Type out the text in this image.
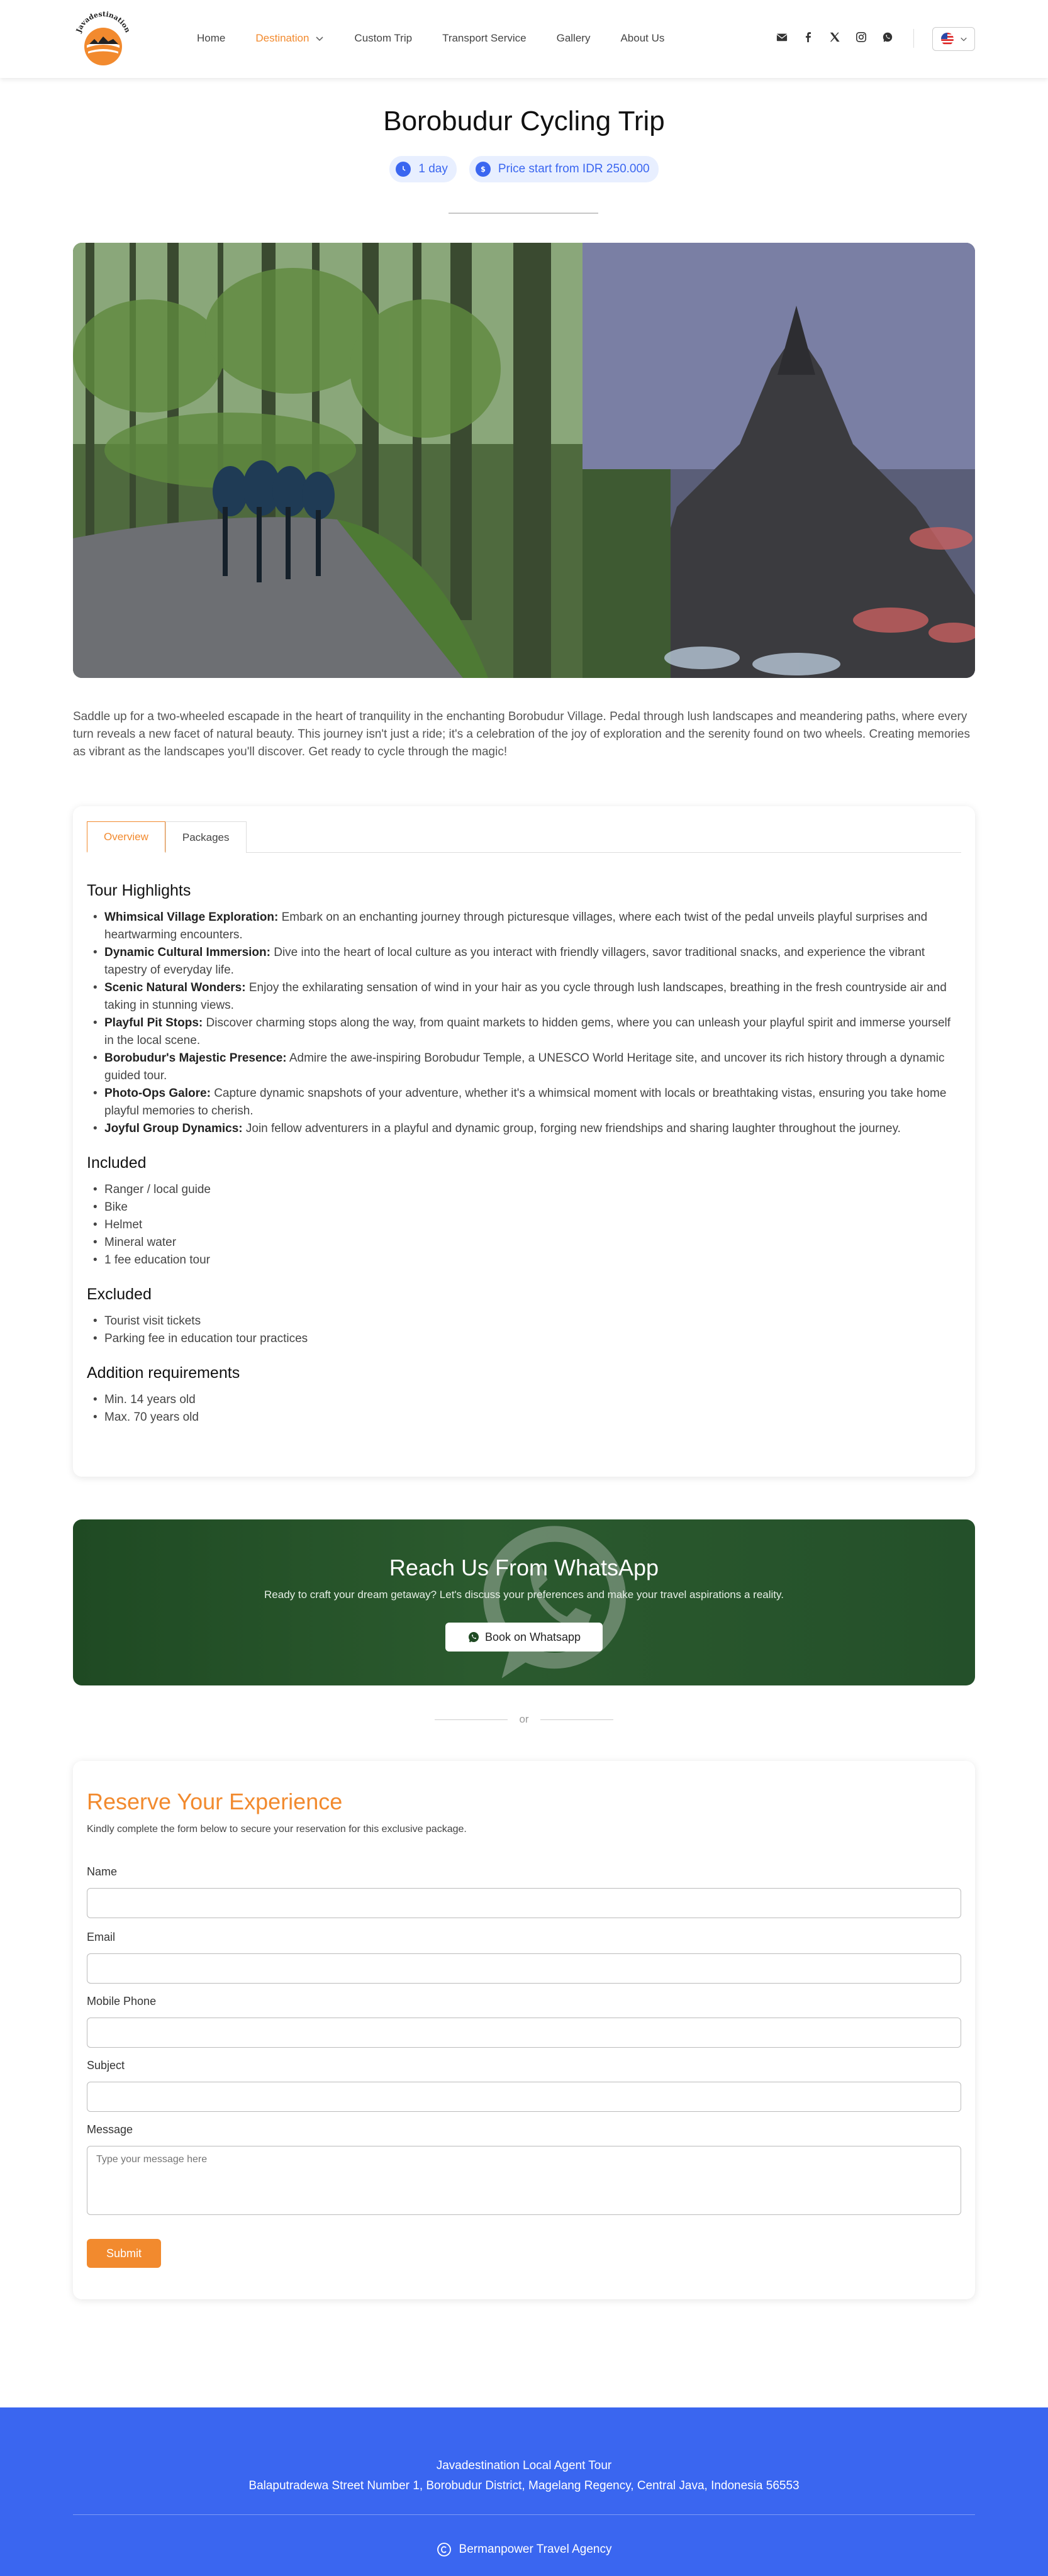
Javadestination
Home	Destination	Custom Trip	Transport Service	Gallery	About Us
Borobudur Cycling Trip
1 day	$ Price start from IDR 250.000

Saddle up for a two-wheeled escapade in the heart of tranquility in the enchanting Borobudur Village. Pedal through lush landscapes and meandering paths, where every turn reveals a new facet of natural beauty. This journey isn't just a ride; it's a celebration of the joy of exploration and the serenity found on two wheels. Creating memories as vibrant as the landscapes you'll discover. Get ready to cycle through the magic!

Overview	Packages
Tour Highlights
• Whimsical Village Exploration: Embark on an enchanting journey through picturesque villages, where each twist of the pedal unveils playful surprises and heartwarming encounters.
• Dynamic Cultural Immersion: Dive into the heart of local culture as you interact with friendly villagers, savor traditional snacks, and experience the vibrant tapestry of everyday life.
• Scenic Natural Wonders: Enjoy the exhilarating sensation of wind in your hair as you cycle through lush landscapes, breathing in the fresh countryside air and taking in stunning views.
• Playful Pit Stops: Discover charming stops along the way, from quaint markets to hidden gems, where you can unleash your playful spirit and immerse yourself in the local scene.
• Borobudur's Majestic Presence: Admire the awe-inspiring Borobudur Temple, a UNESCO World Heritage site, and uncover its rich history through a dynamic guided tour.
• Photo-Ops Galore: Capture dynamic snapshots of your adventure, whether it's a whimsical moment with locals or breathtaking vistas, ensuring you take home playful memories to cherish.
• Joyful Group Dynamics: Join fellow adventurers in a playful and dynamic group, forging new friendships and sharing laughter throughout the journey.
Included
• Ranger / local guide
• Bike
• Helmet
• Mineral water
• 1 fee education tour
Excluded
• Tourist visit tickets
• Parking fee in education tour practices
Addition requirements
• Min. 14 years old
• Max. 70 years old
Reach Us From WhatsApp
Ready to craft your dream getaway? Let's discuss your preferences and make your travel aspirations a reality.
Book on Whatsapp
or
Reserve Your Experience
Kindly complete the form below to secure your reservation for this exclusive package.
Name
Email
Mobile Phone
Subject
Message
Type your message here
Submit
Javadestination Local Agent Tour
Balaputradewa Street Number 1, Borobudur District, Magelang Regency, Central Java, Indonesia 56553
Bermanpower Travel Agency
